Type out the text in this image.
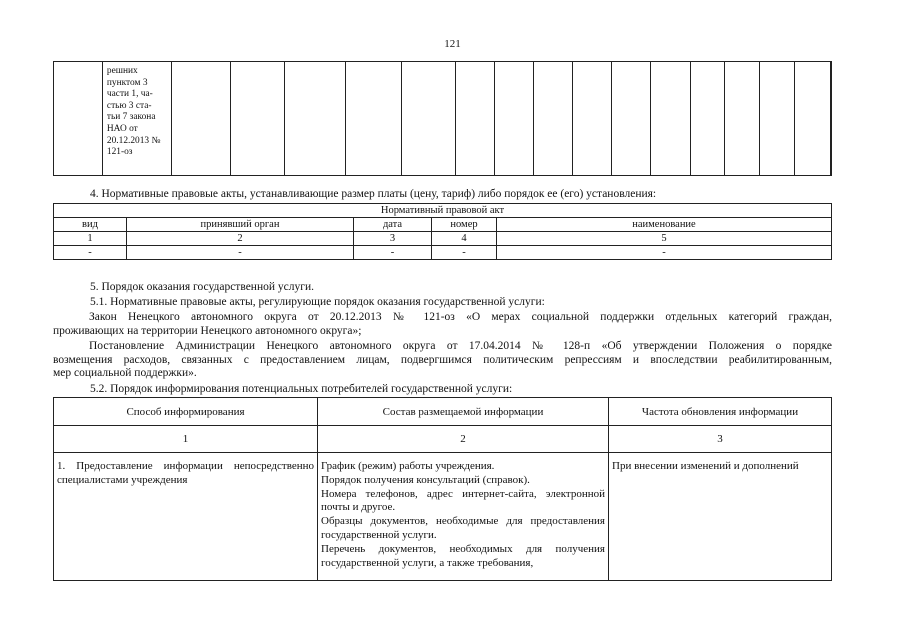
121

решних
пунктом 3
части 1, ча-
стью 3 ста-
тьи 7 закона
НАО от
20.12.2013 №
121-оз

4. Нормативные правовые акты, устанавливающие размер платы (цену, тариф) либо порядок ее (его) установления:
Нормативный правовой акт				
вид	принявший орган	дата	номер	наименование
1	2	3	4	5
-	-	-	-	-
5. Порядок оказания государственной услуги.
5.1. Нормативные правовые акты, регулирующие порядок оказания государственной услуги:
Закон Ненецкого автономного округа от 20.12.2013 № 121-оз «О мерах социальной поддержки отдельных категорий граждан,
проживающих на территории Ненецкого автономного округа»;
Постановление Администрации Ненецкого автономного округа от 17.04.2014 № 128-п «Об утверждении Положения о порядке
возмещения расходов, связанных с предоставлением лицам, подвергшимся политическим репрессиям и впоследствии реабилитированным,
мер социальной поддержки».
5.2. Порядок информирования потенциальных потребителей государственной услуги:
Способ информирования	Состав размещаемой информации	Частота обновления информации
1	2	3
1. Предоставление информации непосредственно специалистами учреждения	График (режим) работы учреждения.
Порядок получения консультаций (справок).
Номера телефонов, адрес интернет-сайта, электронной почты и другое.
Образцы документов, необходимые для предоставления государственной услуги.
Перечень документов, необходимых для получения государственной услуги, а также требования,	При внесении изменений и дополнений
